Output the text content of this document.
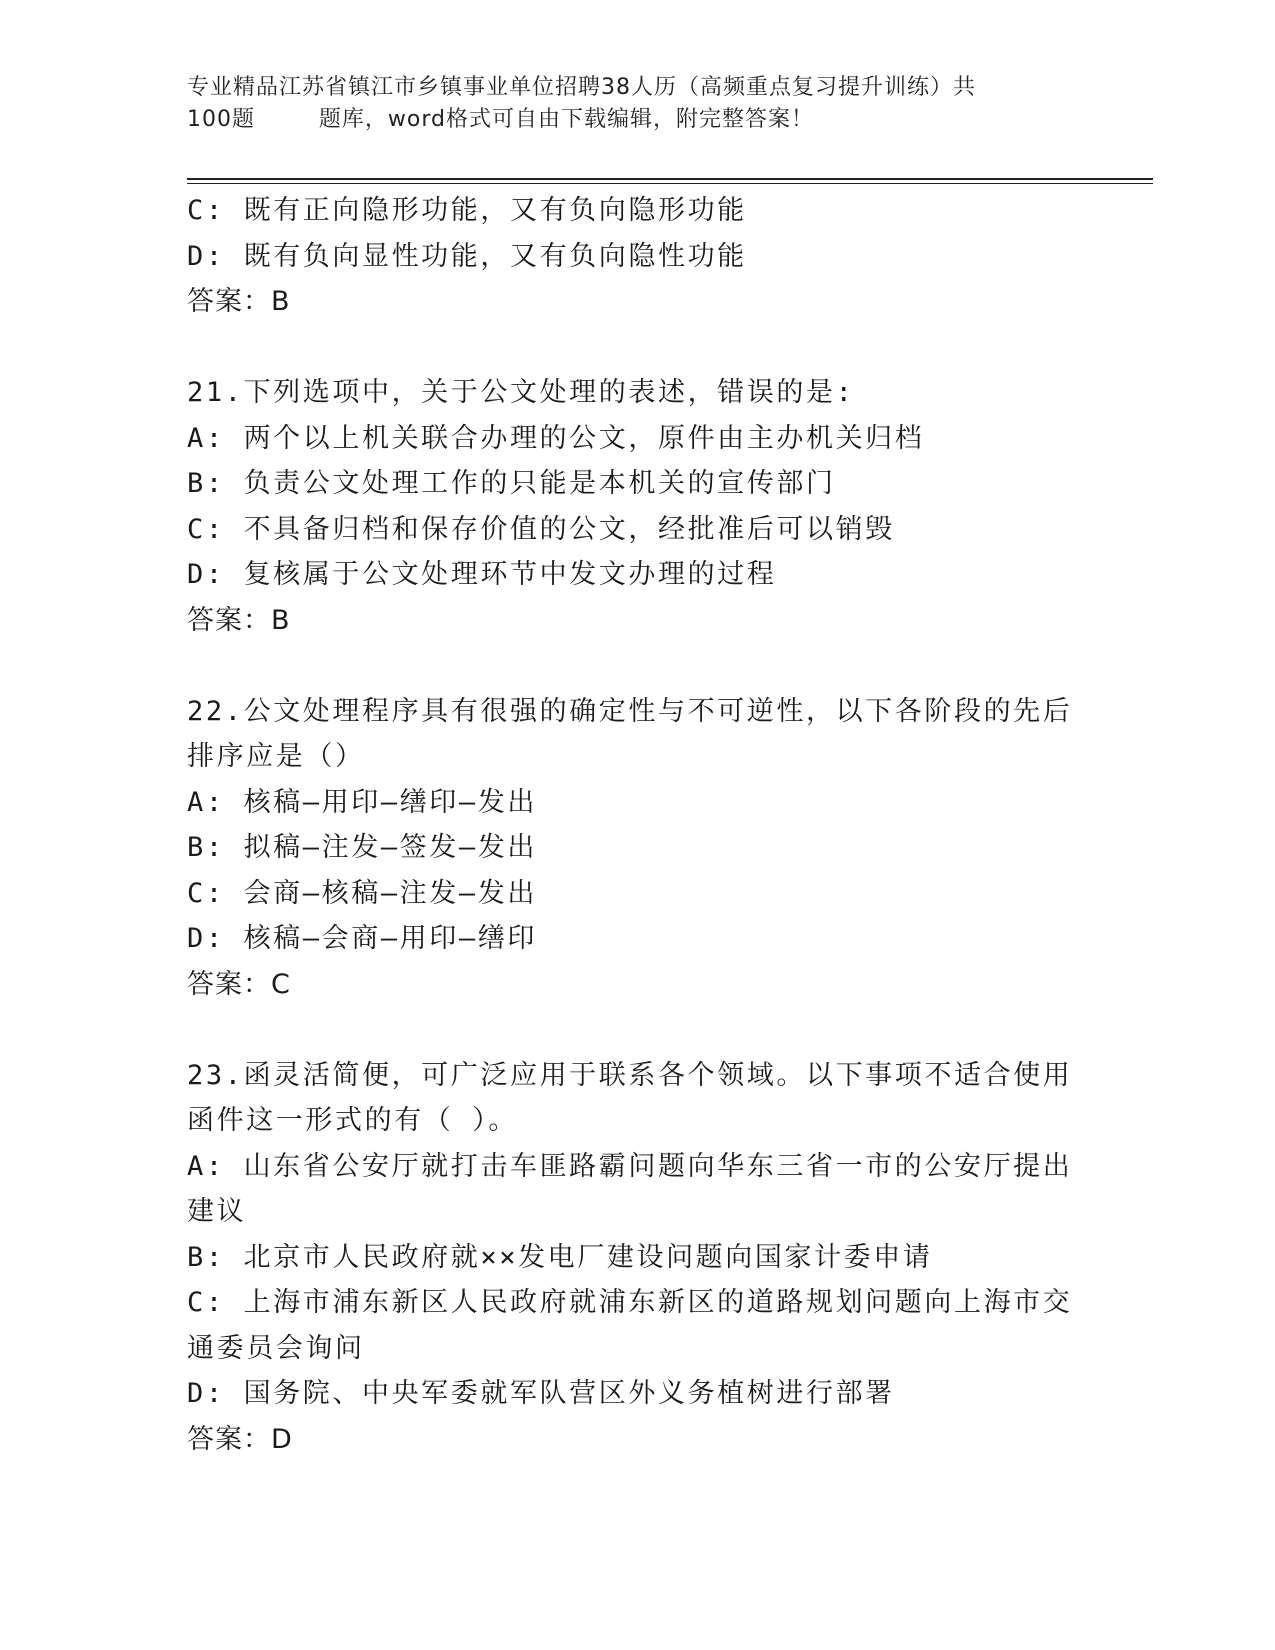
专业精品江苏省镇江市乡镇事业单位招聘38人历（高频重点复习提升训练）共
100题        题库，word格式可自由下载编辑，附完整答案！

C: 既有正向隐形功能，又有负向隐形功能

D: 既有负向显性功能，又有负向隐性功能

答案：B

21.下列选项中，关于公文处理的表述，错误的是:

A: 两个以上机关联合办理的公文，原件由主办机关归档

B: 负责公文处理工作的只能是本机关的宣传部门

C: 不具备归档和保存价值的公文，经批准后可以销毁

D: 复核属于公文处理环节中发文办理的过程

答案：B

22.公文处理程序具有很强的确定性与不可逆性，以下各阶段的先后排序应是（）

A: 核稿—用印—缮印—发出

B: 拟稿—注发—签发—发出

C: 会商—核稿—注发—发出

D: 核稿—会商—用印—缮印

答案：C

23.函灵活简便，可广泛应用于联系各个领域。以下事项不适合使用函件这一形式的有（ ）。

A: 山东省公安厅就打击车匪路霸问题向华东三省一市的公安厅提出建议

B: 北京市人民政府就××发电厂建设问题向国家计委申请

C: 上海市浦东新区人民政府就浦东新区的道路规划问题向上海市交通委员会询问

D: 国务院、中央军委就军队营区外义务植树进行部署

答案：D
